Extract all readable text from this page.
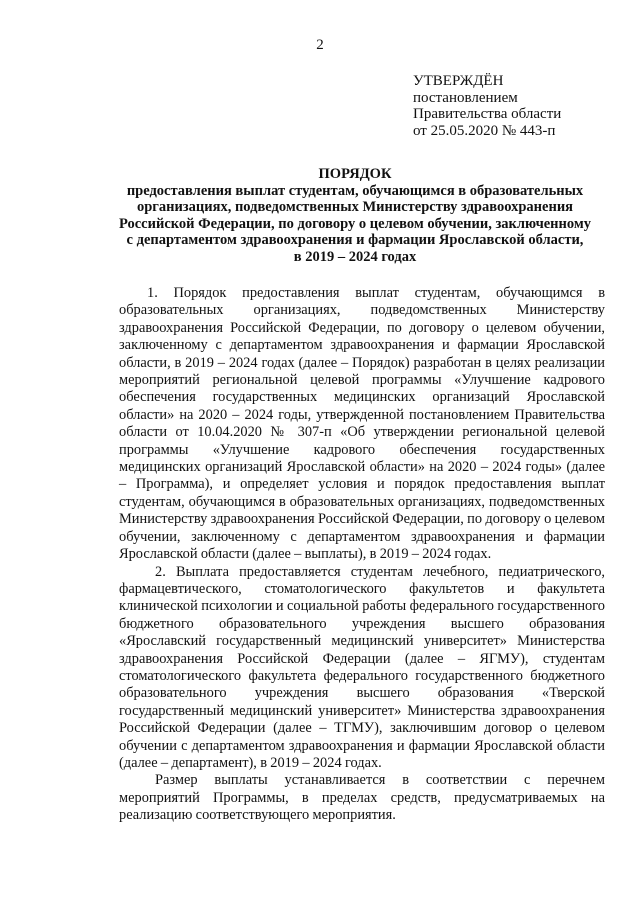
2
УТВЕРЖДЁН
постановлением
Правительства области
от 25.05.2020 № 443-п
ПОРЯДОК
предоставления выплат студентам, обучающимся в образовательных
организациях, подведомственных Министерству здравоохранения
Российской Федерации, по договору о целевом обучении, заключенному
с департаментом здравоохранения и фармации Ярославской области,
в 2019 – 2024 годах

1. Порядок предоставления выплат студентам, обучающимся в образовательных организациях, подведомственных Министерству здравоохранения Российской Федерации, по договору о целевом обучении, заключенному с департаментом здравоохранения и фармации Ярославской области, в 2019 – 2024 годах (далее – Порядок) разработан в целях реализации мероприятий региональной целевой программы «Улучшение кадрового обеспечения государственных медицинских организаций Ярославской области» на 2020 – 2024 годы, утвержденной постановлением Правительства области от 10.04.2020 № 307-п «Об утверждении региональной целевой программы «Улучшение кадрового обеспечения государственных медицинских организаций Ярославской области» на 2020 – 2024 годы» (далее – Программа), и определяет условия и порядок предоставления выплат студентам, обучающимся в образовательных организациях, подведомственных Министерству здравоохранения Российской Федерации, по договору о целевом обучении, заключенному с департаментом здравоохранения и фармации Ярославской области (далее – выплаты), в 2019 – 2024 годах.

2. Выплата предоставляется студентам лечебного, педиатрического, фармацевтического, стоматологического факультетов и факультета клинической психологии и социальной работы федерального государственного бюджетного образовательного учреждения высшего образования «Ярославский государственный медицинский университет» Министерства здравоохранения Российской Федерации (далее – ЯГМУ), студентам стоматологического факультета федерального государственного бюджетного образовательного учреждения высшего образования «Тверской государственный медицинский университет» Министерства здравоохранения Российской Федерации (далее – ТГМУ), заключившим договор о целевом обучении с департаментом здравоохранения и фармации Ярославской области (далее – департамент), в 2019 – 2024 годах.

Размер выплаты устанавливается в соответствии с перечнем мероприятий Программы, в пределах средств, предусматриваемых на реализацию соответствующего мероприятия.
